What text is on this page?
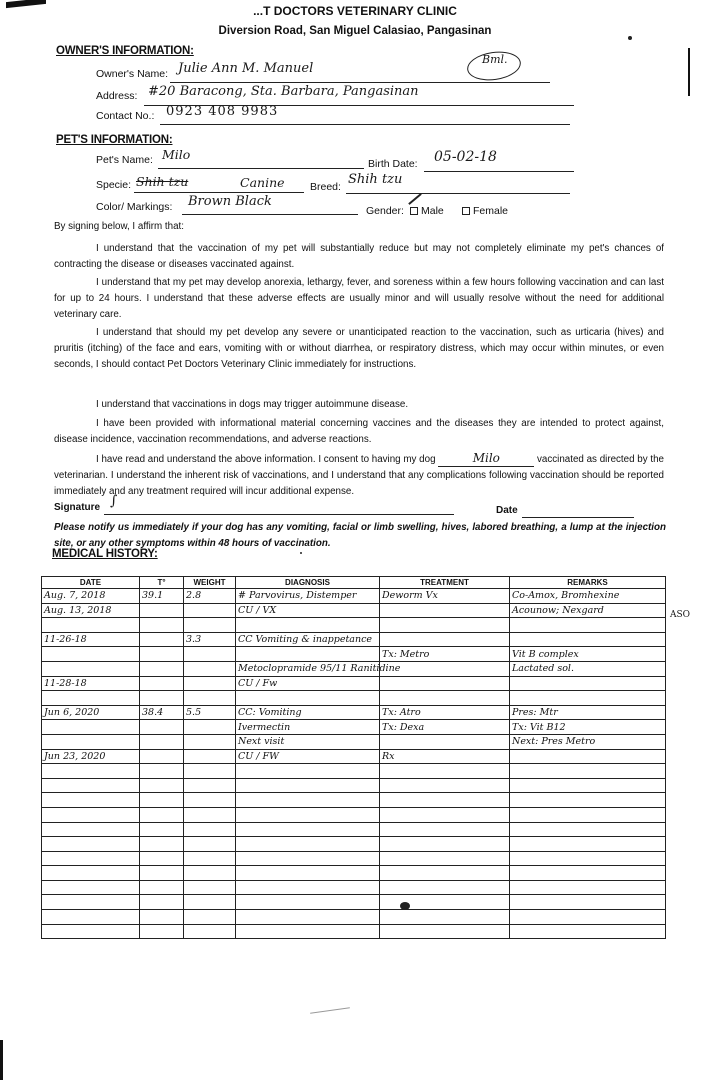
...T DOCTORS VETERINARY CLINIC
Diversion Road, San Miguel Calasiao, Pangasinan
OWNER'S INFORMATION:
Owner's Name: Julie Ann M. Manuel
Address: #20 Baracong, Sta. Barbara, Pangasinan
Contact No.: 0923 408 9983
Bml.
PET'S INFORMATION:
Pet's Name: Milo
Birth Date: 05-02-18
Specie: Shih tzu	Canine Breed: Shih tzu
Color/ Markings: Brown Black
Gender:	Male	Female
By signing below, I affirm that:

I understand that the vaccination of my pet will substantially reduce but may not completely eliminate my pet's chances of contracting the disease or diseases vaccinated against.

I understand that my pet may develop anorexia, lethargy, fever, and soreness within a few hours following vaccination and can last for up to 24 hours. I understand that these adverse effects are usually minor and will usually resolve without the need for additional veterinary care.

I understand that should my pet develop any severe or unanticipated reaction to the vaccination, such as urticaria (hives) and pruritis (itching) of the face and ears, vomiting with or without diarrhea, or respiratory distress, which may occur within minutes, or even seconds, I should contact Pet Doctors Veterinary Clinic immediately for instructions.

I understand that vaccinations in dogs may trigger autoimmune disease.

I have been provided with informational material concerning vaccines and the diseases they are intended to protect against, disease incidence, vaccination recommendations, and adverse reactions.

I have read and understand the above information. I consent to having my dog	Milo	vaccinated as directed by the veterinarian. I understand the inherent risk of vaccinations, and I understand that any complications following vaccination should be reported immediately and any treatment required will incur additional expense.

Signature ∫
Date

Please notify us immediately if your dog has any vomiting, facial or limb swelling, hives, labored breathing, a lump at the injection site, or any other symptoms within 48 hours of vaccination.

MEDICAL HISTORY:
DATE	T°	WEIGHT	DIAGNOSIS	TREATMENT	REMARKS
Aug. 7, 2018	39.1	2.8	# Parvovirus, Distemper	Deworm Vx	Co-Amox, Bromhexine
Aug. 13, 2018			CU / VX		Acounow; Nexgard

11-26-18		3.3	CC Vomiting & inappetance		
				Tx: Metro	Vit B complex
			Metoclopramide 95/11 Ranitidine		Lactated sol.
11-28-18			CU / Fw		

Jun 6, 2020	38.4	5.5	CC: Vomiting	Tx: Atro	Pres: Mtr
			Ivermectin	Tx: Dexa	Tx: Vit B12
			Next visit		Next: Pres Metro
Jun 23, 2020			CU / FW	Rx	

ASO
